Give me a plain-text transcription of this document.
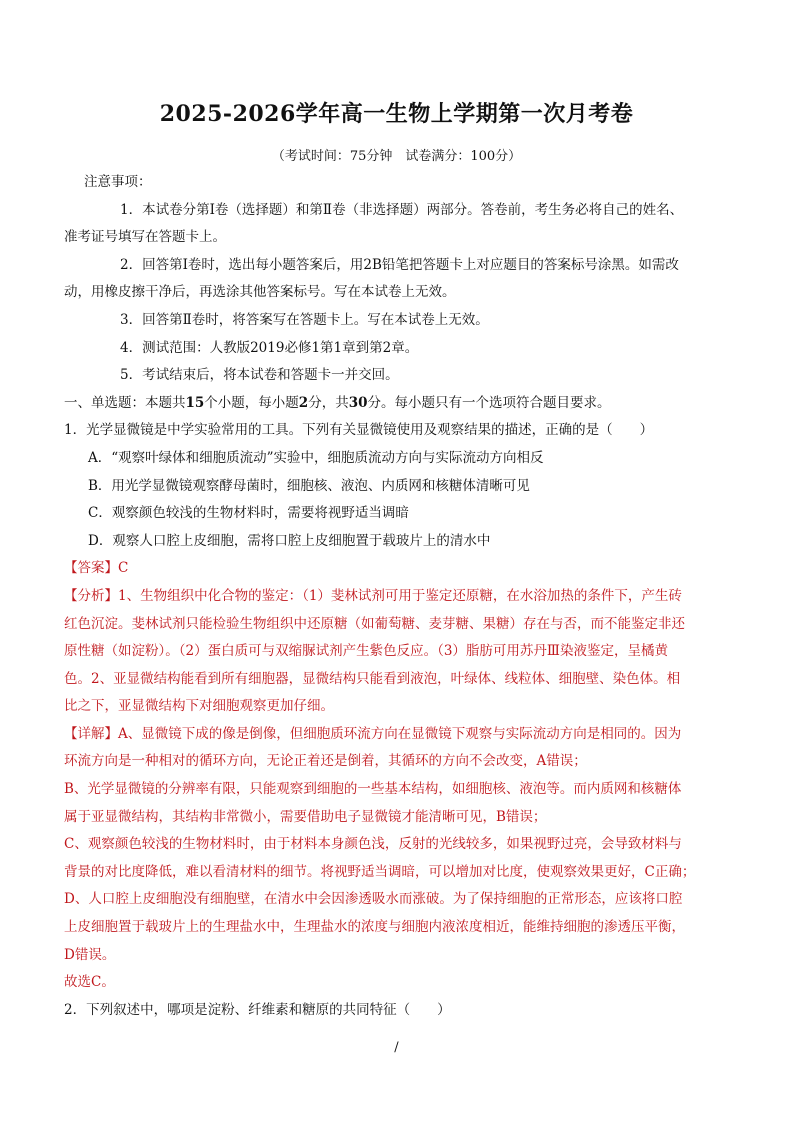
2025-2026学年高一生物上学期第一次月考卷
（考试时间：75分钟　试卷满分：100分）
注意事项：
1．本试卷分第Ⅰ卷（选择题）和第Ⅱ卷（非选择题）两部分。答卷前，考生务必将自己的姓名、
准考证号填写在答题卡上。
2．回答第Ⅰ卷时，选出每小题答案后，用2B铅笔把答题卡上对应题目的答案标号涂黑。如需改
动，用橡皮擦干净后，再选涂其他答案标号。写在本试卷上无效。
3．回答第Ⅱ卷时，将答案写在答题卡上。写在本试卷上无效。
4．测试范围：人教版2019必修1第1章到第2章。
5．考试结束后，将本试卷和答题卡一并交回。
一、单选题：本题共15个小题，每小题2分，共30分。每小题只有一个选项符合题目要求。
1．光学显微镜是中学实验常用的工具。下列有关显微镜使用及观察结果的描述，正确的是（　　）
A．“观察叶绿体和细胞质流动”实验中，细胞质流动方向与实际流动方向相反
B．用光学显微镜观察酵母菌时，细胞核、液泡、内质网和核糖体清晰可见
C．观察颜色较浅的生物材料时，需要将视野适当调暗
D．观察人口腔上皮细胞，需将口腔上皮细胞置于载玻片上的清水中
【答案】C
【分析】1、生物组织中化合物的鉴定：（1）斐林试剂可用于鉴定还原糖，在水浴加热的条件下，产生砖
红色沉淀。斐林试剂只能检验生物组织中还原糖（如葡萄糖、麦芽糖、果糖）存在与否，而不能鉴定非还
原性糖（如淀粉）。（2）蛋白质可与双缩脲试剂产生紫色反应。（3）脂肪可用苏丹Ⅲ染液鉴定，呈橘黄
色。2、亚显微结构能看到所有细胞器，显微结构只能看到液泡，叶绿体、线粒体、细胞壁、染色体。相
比之下，亚显微结构下对细胞观察更加仔细。
【详解】A、显微镜下成的像是倒像，但细胞质环流方向在显微镜下观察与实际流动方向是相同的。因为
环流方向是一种相对的循环方向，无论正着还是倒着，其循环的方向不会改变，A错误；
B、光学显微镜的分辨率有限，只能观察到细胞的一些基本结构，如细胞核、液泡等。而内质网和核糖体
属于亚显微结构，其结构非常微小，需要借助电子显微镜才能清晰可见，B错误；
C、观察颜色较浅的生物材料时，由于材料本身颜色浅，反射的光线较多，如果视野过亮，会导致材料与
背景的对比度降低，难以看清材料的细节。将视野适当调暗，可以增加对比度，使观察效果更好，C正确；
D、人口腔上皮细胞没有细胞壁，在清水中会因渗透吸水而涨破。为了保持细胞的正常形态，应该将口腔
上皮细胞置于载玻片上的生理盐水中，生理盐水的浓度与细胞内液浓度相近，能维持细胞的渗透压平衡，
D错误。
故选C。
2．下列叙述中，哪项是淀粉、纤维素和糖原的共同特征（　　）
/
